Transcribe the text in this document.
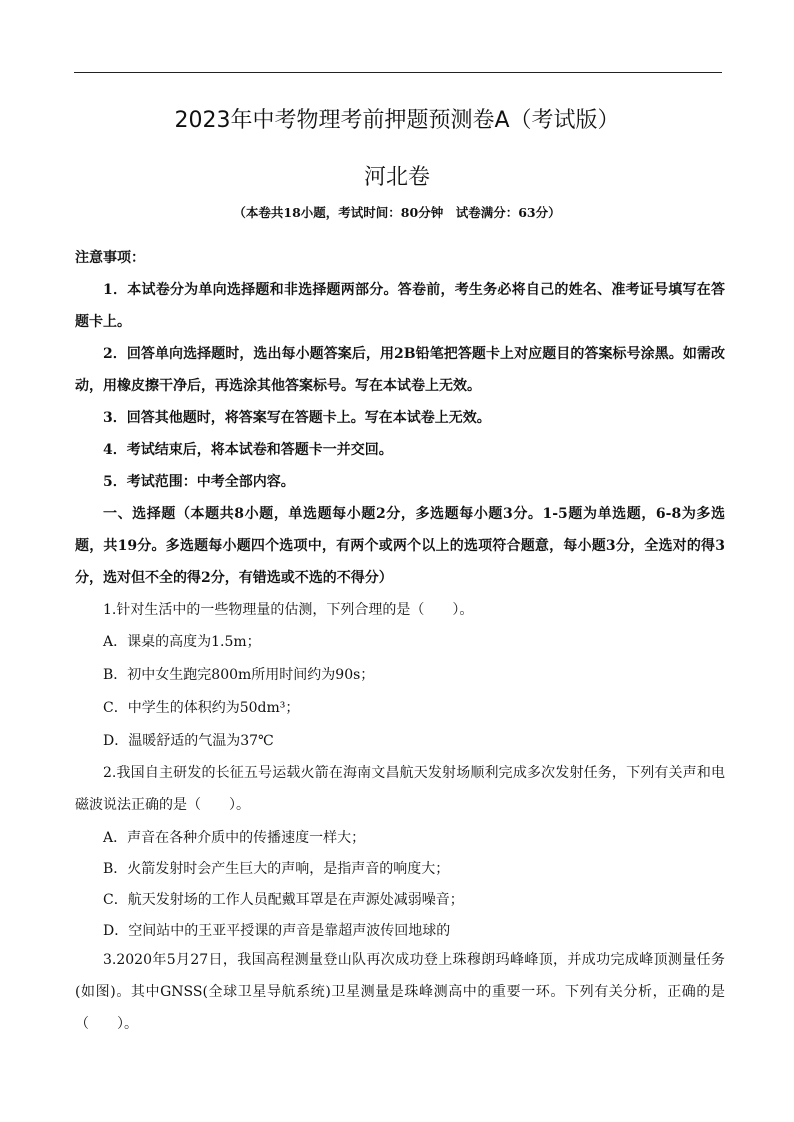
2023年中考物理考前押题预测卷A（考试版）
河北卷
（本卷共18小题，考试时间：80分钟　试卷满分：63分）
注意事项：
1．本试卷分为单向选择题和非选择题两部分。答卷前，考生务必将自己的姓名、准考证号填写在答题卡上。
2．回答单向选择题时，选出每小题答案后，用2B铅笔把答题卡上对应题目的答案标号涂黑。如需改动，用橡皮擦干净后，再选涂其他答案标号。写在本试卷上无效。
3．回答其他题时，将答案写在答题卡上。写在本试卷上无效。
4．考试结束后，将本试卷和答题卡一并交回。
5．考试范围：中考全部内容。
一、选择题（本题共8小题，单选题每小题2分，多选题每小题3分。1-5题为单选题，6-8为多选题，共19分。多选题每小题四个选项中，有两个或两个以上的选项符合题意，每小题3分，全选对的得3分，选对但不全的得2分，有错选或不选的不得分）
1.针对生活中的一些物理量的估测，下列合理的是（　　）。
A．课桌的高度为1.5m；
B．初中女生跑完800m所用时间约为90s；
C．中学生的体积约为50dm³；
D．温暖舒适的气温为37℃
2.我国自主研发的长征五号运载火箭在海南文昌航天发射场顺利完成多次发射任务，下列有关声和电磁波说法正确的是（　　）。
A．声音在各种介质中的传播速度一样大；
B．火箭发射时会产生巨大的声响，是指声音的响度大；
C．航天发射场的工作人员配戴耳罩是在声源处减弱噪音；
D．空间站中的王亚平授课的声音是靠超声波传回地球的
3.2020年5月27日，我国高程测量登山队再次成功登上珠穆朗玛峰峰顶，并成功完成峰顶测量任务(如图)。其中GNSS(全球卫星导航系统)卫星测量是珠峰测高中的重要一环。下列有关分析，正确的是（　　）。
